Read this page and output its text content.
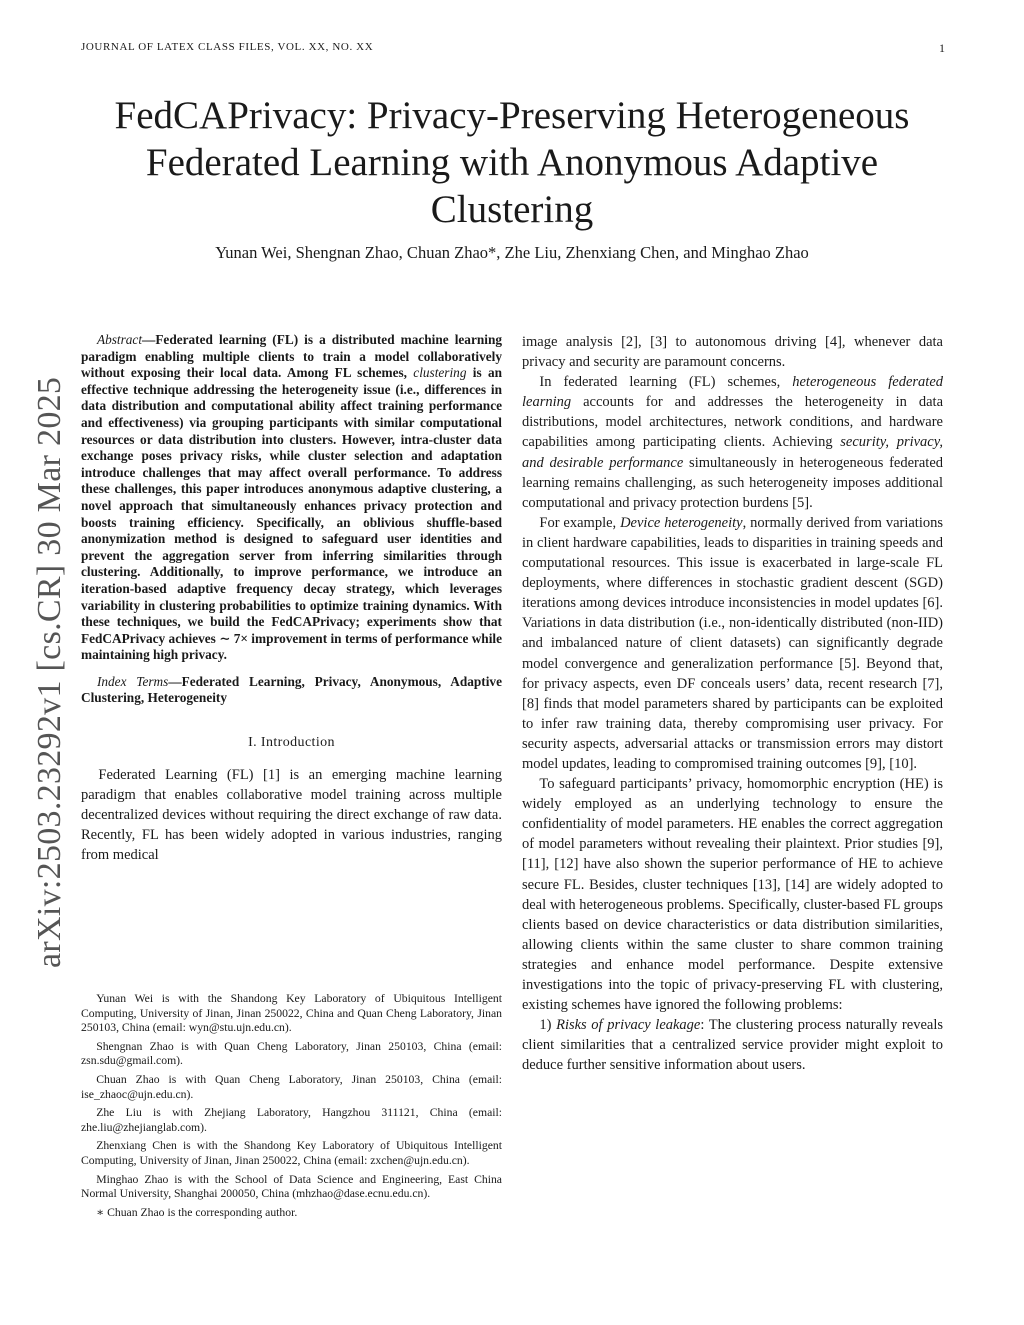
JOURNAL OF LATEX CLASS FILES, VOL. XX, NO. XX	1
arXiv:2503.23292v1 [cs.CR] 30 Mar 2025
FedCAPrivacy: Privacy-Preserving Heterogeneous Federated Learning with Anonymous Adaptive Clustering
Yunan Wei, Shengnan Zhao, Chuan Zhao*, Zhe Liu, Zhenxiang Chen, and Minghao Zhao

Abstract—Federated learning (FL) is a distributed machine learning paradigm enabling multiple clients to train a model collaboratively without exposing their local data. Among FL schemes, clustering is an effective technique addressing the heterogeneity issue (i.e., differences in data distribution and computational ability affect training performance and effectiveness) via grouping participants with similar computational resources or data distribution into clusters. However, intra-cluster data exchange poses privacy risks, while cluster selection and adaptation introduce challenges that may affect overall performance. To address these challenges, this paper introduces anonymous adaptive clustering, a novel approach that simultaneously enhances privacy protection and boosts training efficiency. Specifically, an oblivious shuffle-based anonymization method is designed to safeguard user identities and prevent the aggregation server from inferring similarities through clustering. Additionally, to improve performance, we introduce an iteration-based adaptive frequency decay strategy, which leverages variability in clustering probabilities to optimize training dynamics. With these techniques, we build the FedCAPrivacy; experiments show that FedCAPrivacy achieves ∼ 7× improvement in terms of performance while maintaining high privacy.

Index Terms—Federated Learning, Privacy, Anonymous, Adaptive Clustering, Heterogeneity

I. Introduction

Federated Learning (FL) [1] is an emerging machine learning paradigm that enables collaborative model training across multiple decentralized devices without requiring the direct exchange of raw data. Recently, FL has been widely adopted in various industries, ranging from medical

image analysis [2], [3] to autonomous driving [4], whenever data privacy and security are paramount concerns.

In federated learning (FL) schemes, heterogeneous federated learning accounts for and addresses the heterogeneity in data distributions, model architectures, network conditions, and hardware capabilities among participating clients. Achieving security, privacy, and desirable performance simultaneously in heterogeneous federated learning remains challenging, as such heterogeneity imposes additional computational and privacy protection burdens [5].

For example, Device heterogeneity, normally derived from variations in client hardware capabilities, leads to disparities in training speeds and computational resources. This issue is exacerbated in large-scale FL deployments, where differences in stochastic gradient descent (SGD) iterations among devices introduce inconsistencies in model updates [6]. Variations in data distribution (i.e., non-identically distributed (non-IID) and imbalanced nature of client datasets) can significantly degrade model convergence and generalization performance [5]. Beyond that, for privacy aspects, even DF conceals users’ data, recent research [7], [8] finds that model parameters shared by participants can be exploited to infer raw training data, thereby compromising user privacy. For security aspects, adversarial attacks or transmission errors may distort model updates, leading to compromised training outcomes [9], [10].

To safeguard participants’ privacy, homomorphic encryption (HE) is widely employed as an underlying technology to ensure the confidentiality of model parameters. HE enables the correct aggregation of model parameters without revealing their plaintext. Prior studies [9], [11], [12] have also shown the superior performance of HE to achieve secure FL. Besides, cluster techniques [13], [14] are widely adopted to deal with heterogeneous problems. Specifically, cluster-based FL groups clients based on device characteristics or data distribution similarities, allowing clients within the same cluster to share common training strategies and enhance model performance. Despite extensive investigations into the topic of privacy-preserving FL with clustering, existing schemes have ignored the following problems:

1) Risks of privacy leakage: The clustering process naturally reveals client similarities that a centralized service provider might exploit to deduce further sensitive information about users.

Yunan Wei is with the Shandong Key Laboratory of Ubiquitous Intelligent Computing, University of Jinan, Jinan 250022, China and Quan Cheng Laboratory, Jinan 250103, China (email: wyn@stu.ujn.edu.cn).

Shengnan Zhao is with Quan Cheng Laboratory, Jinan 250103, China (email: zsn.sdu@gmail.com).

Chuan Zhao is with Quan Cheng Laboratory, Jinan 250103, China (email: ise_zhaoc@ujn.edu.cn).

Zhe Liu is with Zhejiang Laboratory, Hangzhou 311121, China (email: zhe.liu@zhejianglab.com).

Zhenxiang Chen is with the Shandong Key Laboratory of Ubiquitous Intelligent Computing, University of Jinan, Jinan 250022, China (email: zxchen@ujn.edu.cn).

Minghao Zhao is with the School of Data Science and Engineering, East China Normal University, Shanghai 200050, China (mhzhao@dase.ecnu.edu.cn).

∗ Chuan Zhao is the corresponding author.
